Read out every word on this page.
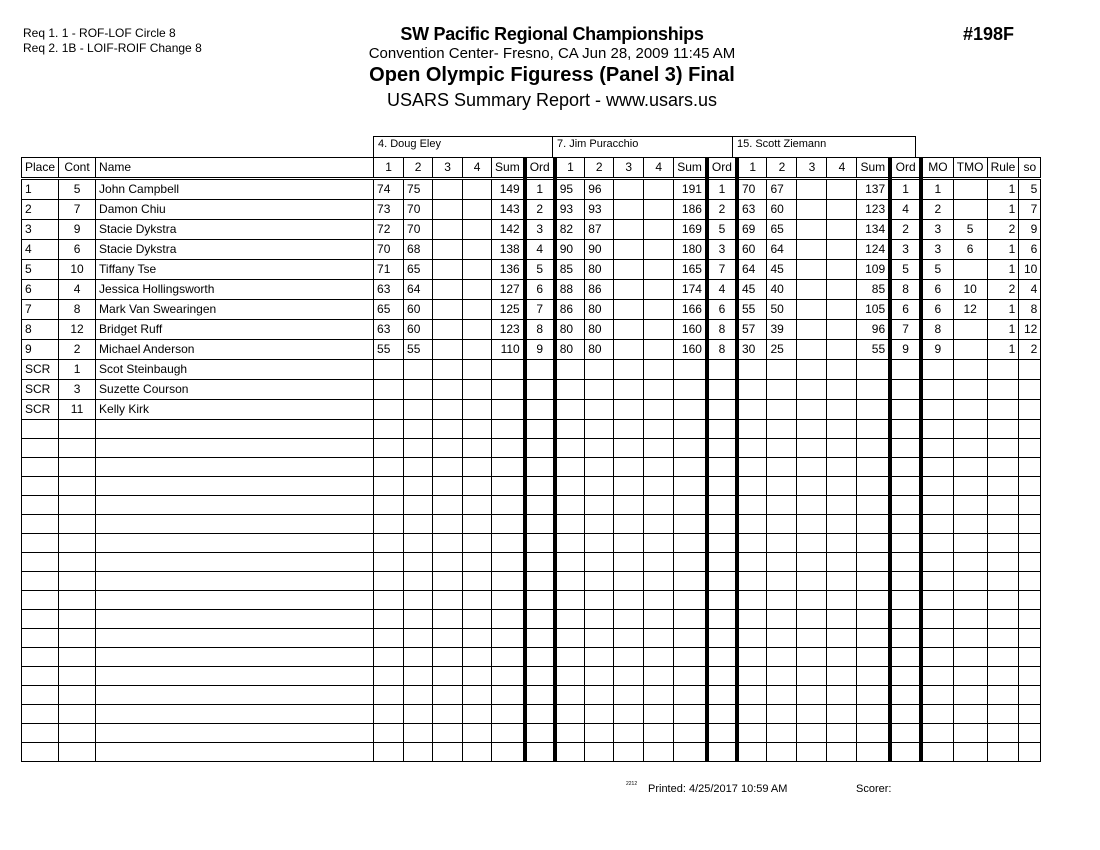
Req 1. 1 - ROF-LOF Circle 8
Req 2. 1B - LOIF-ROIF Change 8
SW Pacific Regional Championships
Convention Center- Fresno, CA Jun 28, 2009 11:45 AM
Open Olympic Figuress (Panel 3) Final
USARS Summary Report - www.usars.us
#198F
4. Doug Eley	7. Jim Puracchio	15. Scott Ziemann
Place	Cont	Name	1	2	3	4	Sum	Ord	1	2	3	4	Sum	Ord	1	2	3	4	Sum	Ord	MO	TMO	Rule	so
1	5	John Campbell	74	75			149	1	95	96			191	1	70	67			137	1	1		1	5
2	7	Damon Chiu	73	70			143	2	93	93			186	2	63	60			123	4	2		1	7
3	9	Stacie Dykstra	72	70			142	3	82	87			169	5	69	65			134	2	3	5	2	9
4	6	Stacie Dykstra	70	68			138	4	90	90			180	3	60	64			124	3	3	6	1	6
5	10	Tiffany Tse	71	65			136	5	85	80			165	7	64	45			109	5	5		1	10
6	4	Jessica Hollingsworth	63	64			127	6	88	86			174	4	45	40			85	8	6	10	2	4
7	8	Mark Van Swearingen	65	60			125	7	86	80			166	6	55	50			105	6	6	12	1	8
8	12	Bridget Ruff	63	60			123	8	80	80			160	8	57	39			96	7	8		1	12
9	2	Michael Anderson	55	55			110	9	80	80			160	8	30	25			55	9	9		1	2
SCR	1	Scot Steinbaugh																						
SCR	3	Suzette Courson																						
SCR	11	Kelly Kirk																						

2212 Printed: 4/25/2017 10:59 AM	Scorer:
